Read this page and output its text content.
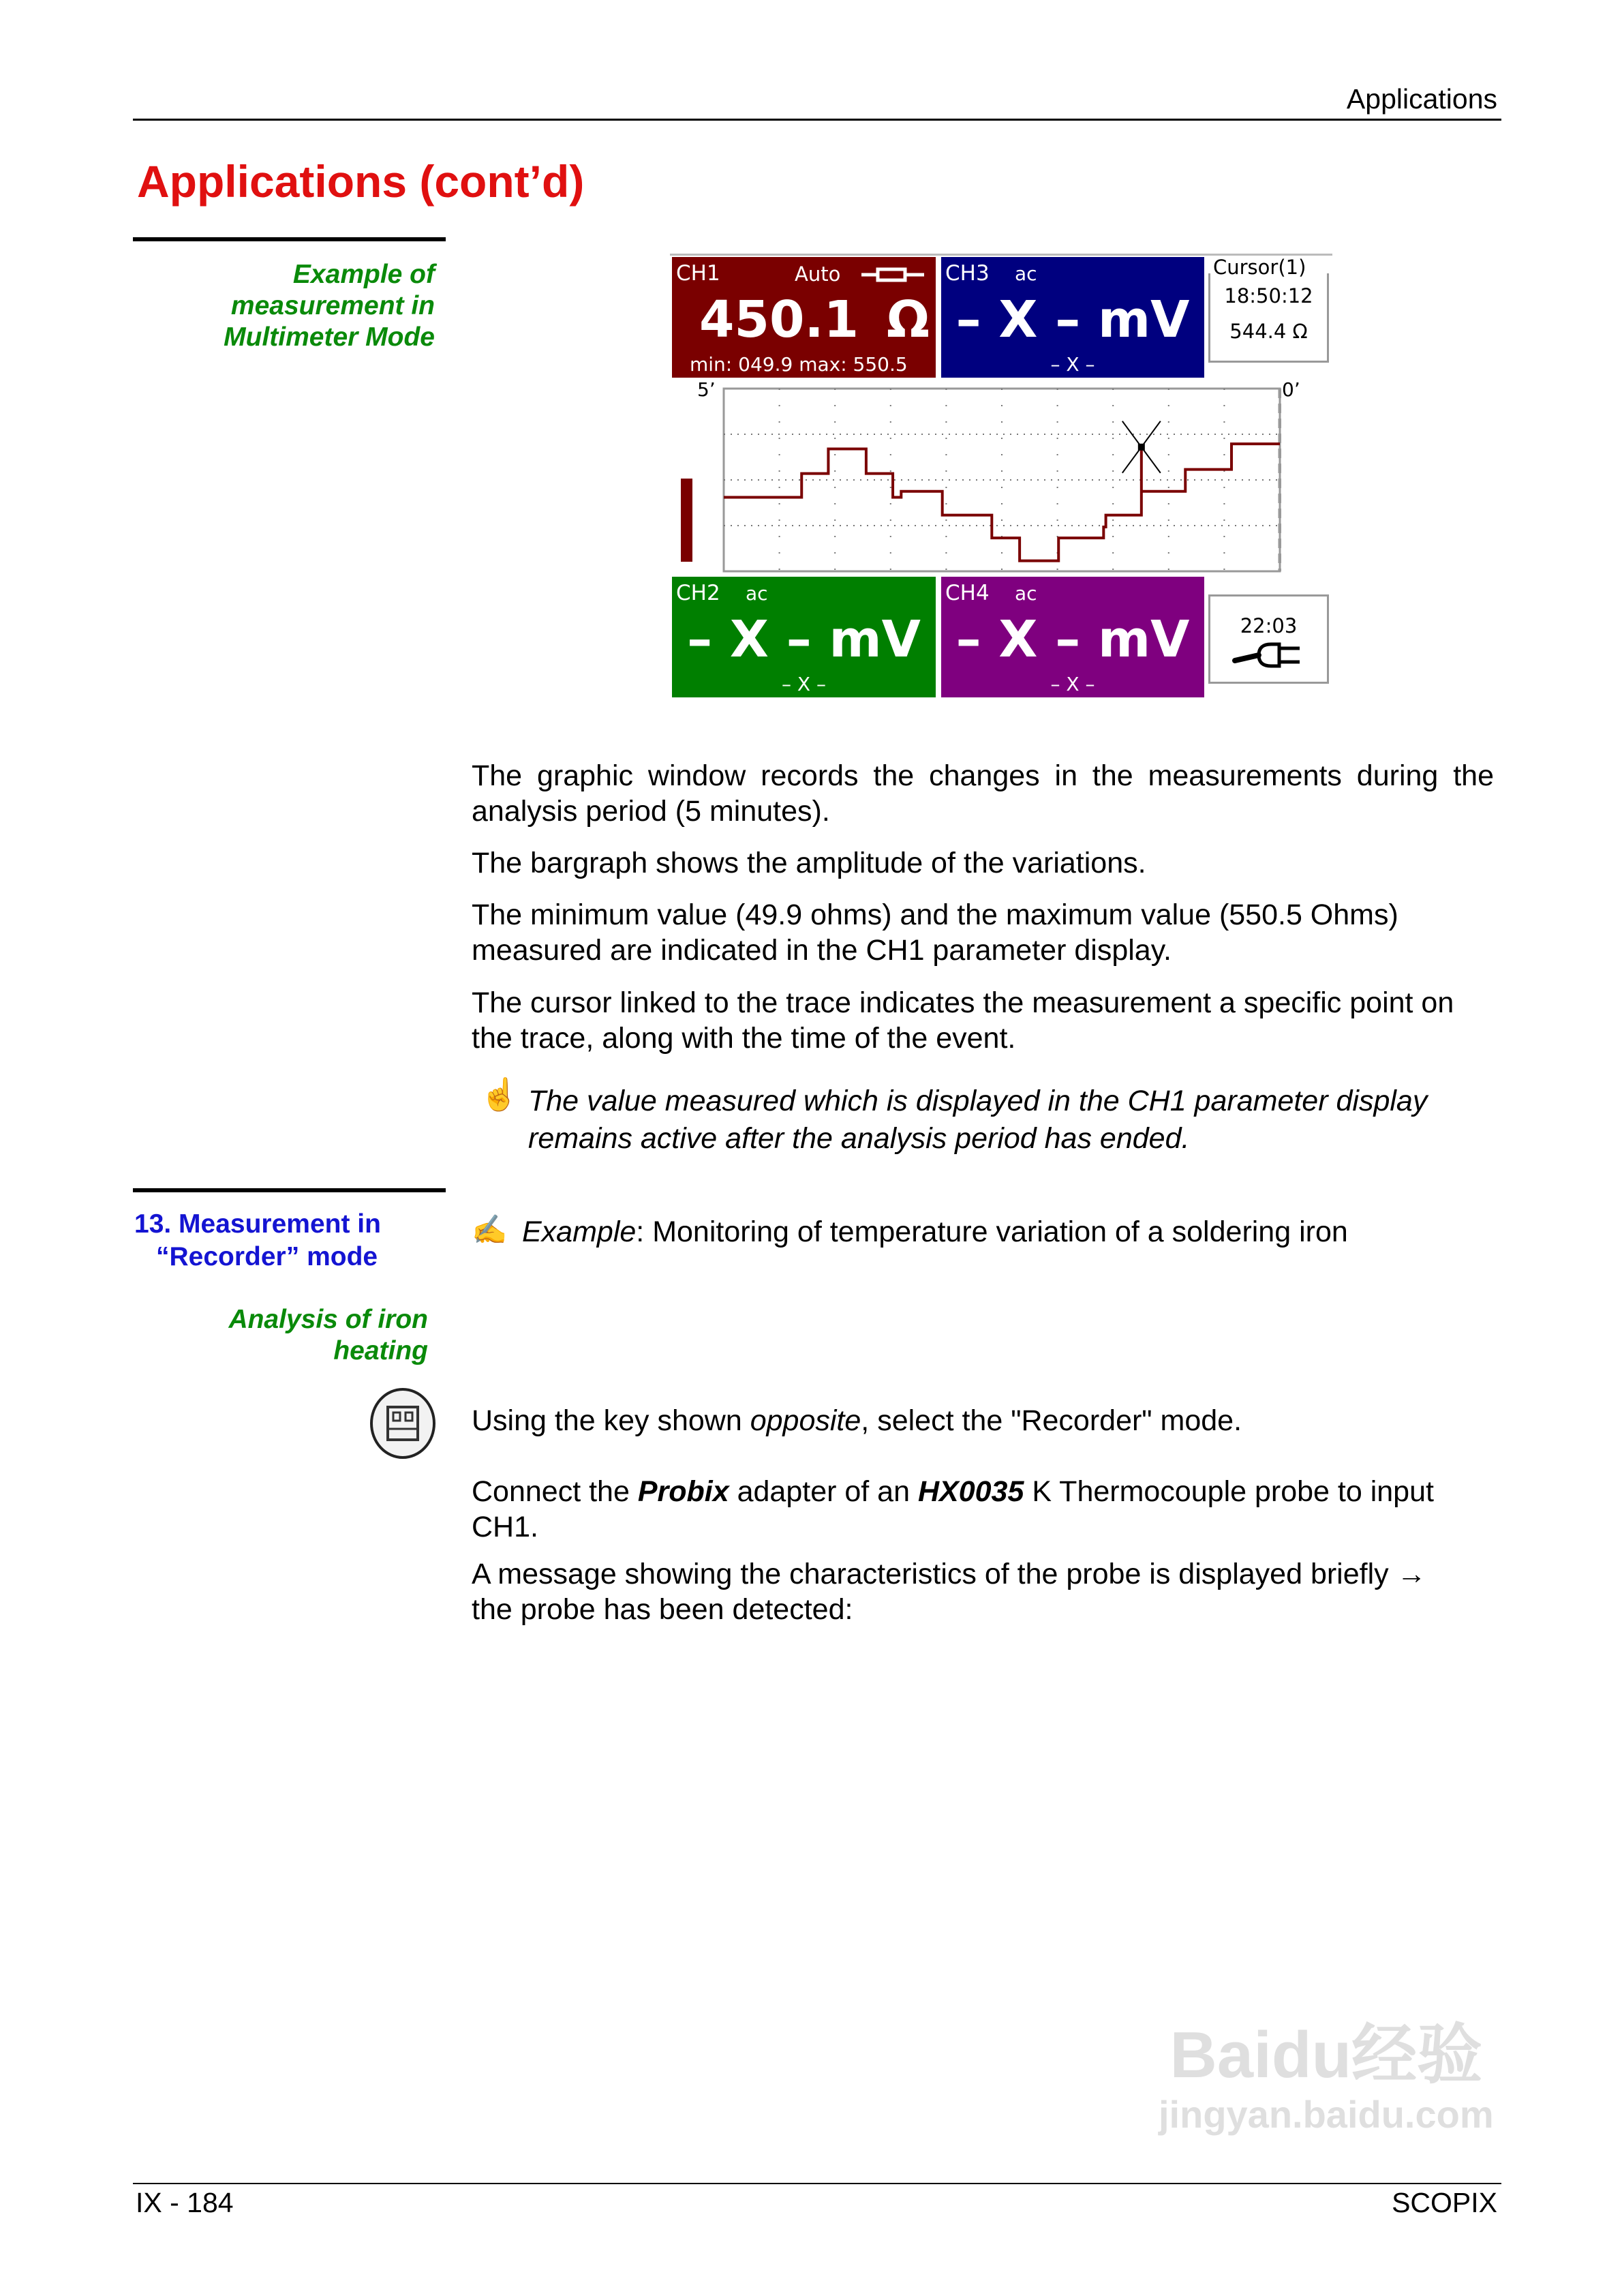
Applications
Applications (cont’d)
Example of
measurement in
Multimeter Mode
CH1	Auto
450.1 Ω
min: 049.9 max: 550.5
CH3 ac
– X – mV
– X –
Cursor(1)
18:50:12
544.4 Ω
5’	0’
CH2 ac
– X – mV
– X –
CH4 ac
– X – mV
– X –
22:03
The graphic window records the changes in the measurements during the analysis period (5 minutes).
The bargraph shows the amplitude of the variations.
The minimum value (49.9 ohms) and the maximum value (550.5 Ohms) measured are indicated in the CH1 parameter display.
The cursor linked to the trace indicates the measurement a specific point on the trace, along with the time of the event.
☝ The value measured which is displayed in the CH1 parameter display remains active after the analysis period has ended.
13. Measurement in
“Recorder” mode
Analysis of iron
heating
✍ Example: Monitoring of temperature variation of a soldering iron
Using the key shown opposite, select the "Recorder" mode.
Connect the Probix adapter of an HX0035 K Thermocouple probe to input CH1.
A message showing the characteristics of the probe is displayed briefly → the probe has been detected:
Baidu经验
jingyan.baidu.com
IX - 184	SCOPIX
